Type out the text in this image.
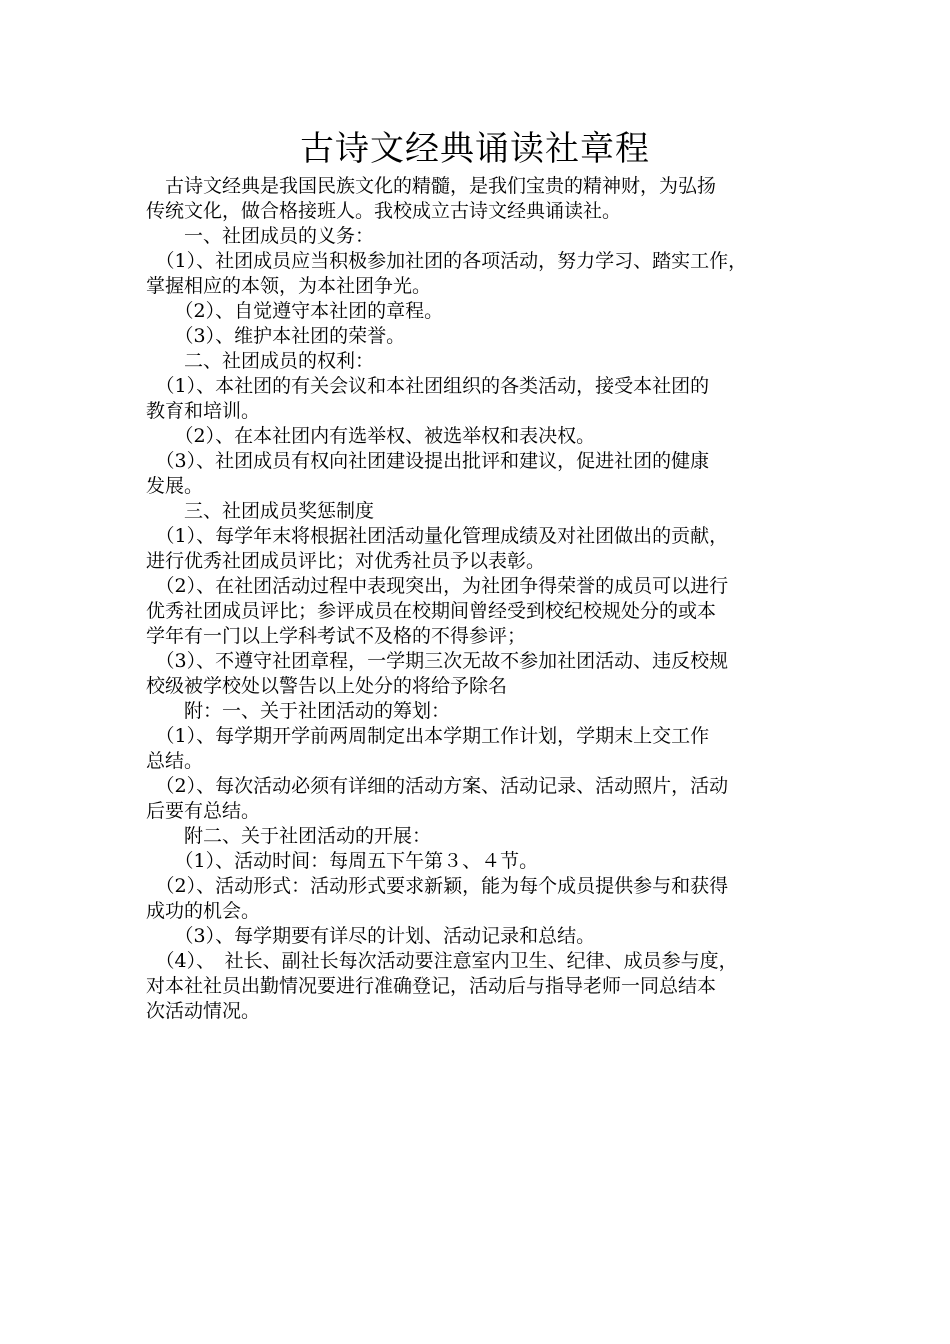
古诗文经典诵读社章程
　古诗文经典是我国民族文化的精髓，是我们宝贵的精神财，为弘扬
传统文化，做合格接班人。我校成立古诗文经典诵读社。
　　一、社团成员的义务：
　（1）、社团成员应当积极参加社团的各项活动，努力学习、踏实工作，
掌握相应的本领，为本社团争光。
　　（2）、自觉遵守本社团的章程。
　　（3）、维护本社团的荣誉。
　　二、社团成员的权利：
　（1）、本社团的有关会议和本社团组织的各类活动，接受本社团的
教育和培训。
　　（2）、在本社团内有选举权、被选举权和表决权。
　（3）、社团成员有权向社团建设提出批评和建议，促进社团的健康
发展。
　　三、社团成员奖惩制度
　（1）、每学年末将根据社团活动量化管理成绩及对社团做出的贡献，
进行优秀社团成员评比；对优秀社员予以表彰。
　（2）、在社团活动过程中表现突出，为社团争得荣誉的成员可以进行
优秀社团成员评比；参评成员在校期间曾经受到校纪校规处分的或本
学年有一门以上学科考试不及格的不得参评；
　（3）、不遵守社团章程，一学期三次无故不参加社团活动、违反校规
校级被学校处以警告以上处分的将给予除名
　　附：一、关于社团活动的筹划：
　（1）、每学期开学前两周制定出本学期工作计划，学期末上交工作
总结。
　（2）、每次活动必须有详细的活动方案、活动记录、活动照片，活动
后要有总结。
　　附二、关于社团活动的开展：
　　（1）、活动时间：每周五下午第３、４节。
　（2）、活动形式：活动形式要求新颖，能为每个成员提供参与和获得
成功的机会。
　　（3）、每学期要有详尽的计划、活动记录和总结。
　（4）、　社长、副社长每次活动要注意室内卫生、纪律、成员参与度，
对本社社员出勤情况要进行准确登记，活动后与指导老师一同总结本
次活动情况。
